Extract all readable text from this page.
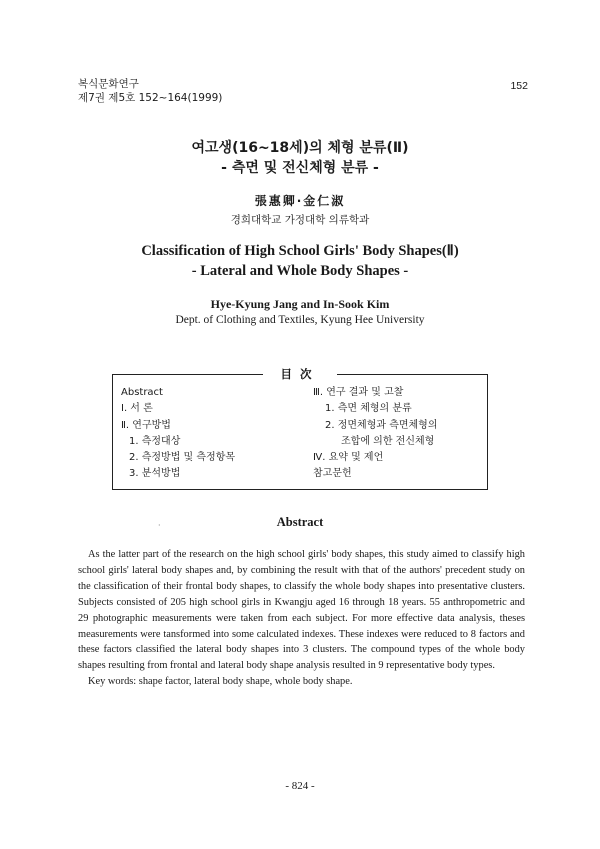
복식문화연구
제7권 제5호 152~164(1999)
152
여고생(16~18세)의 체형 분류(Ⅱ)
- 측면 및 전신체형 분류 -
張惠卿·金仁淑
경희대학교 가정대학 의류학과
Classification of High School Girls' Body Shapes(Ⅱ)
- Lateral and Whole Body Shapes -
Hye-Kyung Jang and In-Sook Kim
Dept. of Clothing and Textiles, Kyung Hee University
目次
Abstract
Ⅰ. 서 론
Ⅱ. 연구방법
1. 측정대상
2. 측정방법 및 측정항목
3. 분석방법
Ⅲ. 연구 결과 및 고찰
1. 측면 체형의 분류
2. 정면체형과 측면체형의
조합에 의한 전신체형
Ⅳ. 요약 및 제언
참고문헌
·	Abstract

As the latter part of the research on the high school girls' body shapes, this study aimed to classify high school girls' lateral body shapes and, by combining the result with that of the authors' precedent study on the classification of their frontal body shapes, to classify the whole body shapes into presentative clusters. Subjects consisted of 205 high school girls in Kwangju aged 16 through 18 years. 55 anthropometric and 29 photographic measurements were taken from each subject. For more effective data analysis, theses measurements were tansformed into some calculated indexes. These indexes were reduced to 8 factors and these factors classified the lateral body shapes into 3 clusters. The compound types of the whole body shapes resulting from frontal and lateral body shape analysis resulted in 9 representative body types.

Key words: shape factor, lateral body shape, whole body shape.
- 824 -
